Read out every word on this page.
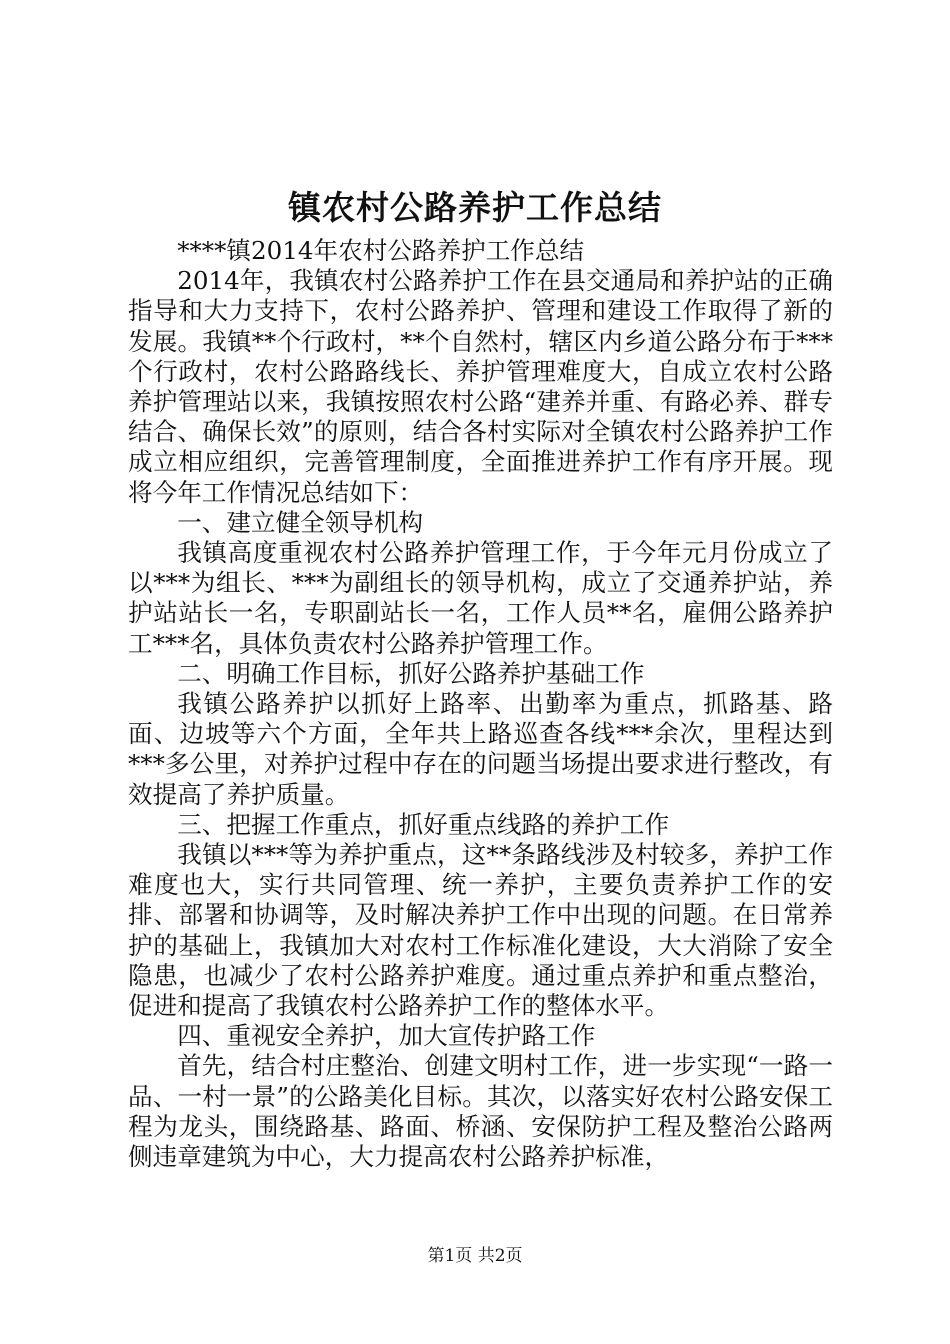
镇农村公路养护工作总结

****镇2014年农村公路养护工作总结

2014年，我镇农村公路养护工作在县交通局和养护站的正确指导和大力支持下，农村公路养护、管理和建设工作取得了新的发展。我镇**个行政村，**个自然村，辖区内乡道公路分布于***个行政村，农村公路路线长、养护管理难度大，自成立农村公路养护管理站以来，我镇按照农村公路“建养并重、有路必养、群专结合、确保长效”的原则，结合各村实际对全镇农村公路养护工作成立相应组织，完善管理制度，全面推进养护工作有序开展。现将今年工作情况总结如下：

一、建立健全领导机构

我镇高度重视农村公路养护管理工作，于今年元月份成立了以***为组长、***为副组长的领导机构，成立了交通养护站，养护站站长一名，专职副站长一名，工作人员**名，雇佣公路养护工***名，具体负责农村公路养护管理工作。

二、明确工作目标，抓好公路养护基础工作

我镇公路养护以抓好上路率、出勤率为重点，抓路基、路面、边坡等六个方面，全年共上路巡查各线***余次，里程达到***多公里，对养护过程中存在的问题当场提出要求进行整改，有效提高了养护质量。

三、把握工作重点，抓好重点线路的养护工作

我镇以***等为养护重点，这**条路线涉及村较多，养护工作难度也大，实行共同管理、统一养护，主要负责养护工作的安排、部署和协调等，及时解决养护工作中出现的问题。在日常养护的基础上，我镇加大对农村工作标准化建设，大大消除了安全隐患，也减少了农村公路养护难度。通过重点养护和重点整治，促进和提高了我镇农村公路养护工作的整体水平。

四、重视安全养护，加大宣传护路工作

首先，结合村庄整治、创建文明村工作，进一步实现“一路一品、一村一景”的公路美化目标。其次，以落实好农村公路安保工程为龙头，围绕路基、路面、桥涵、安保防护工程及整治公路两侧违章建筑为中心，大力提高农村公路养护标准，

第1页 共2页
